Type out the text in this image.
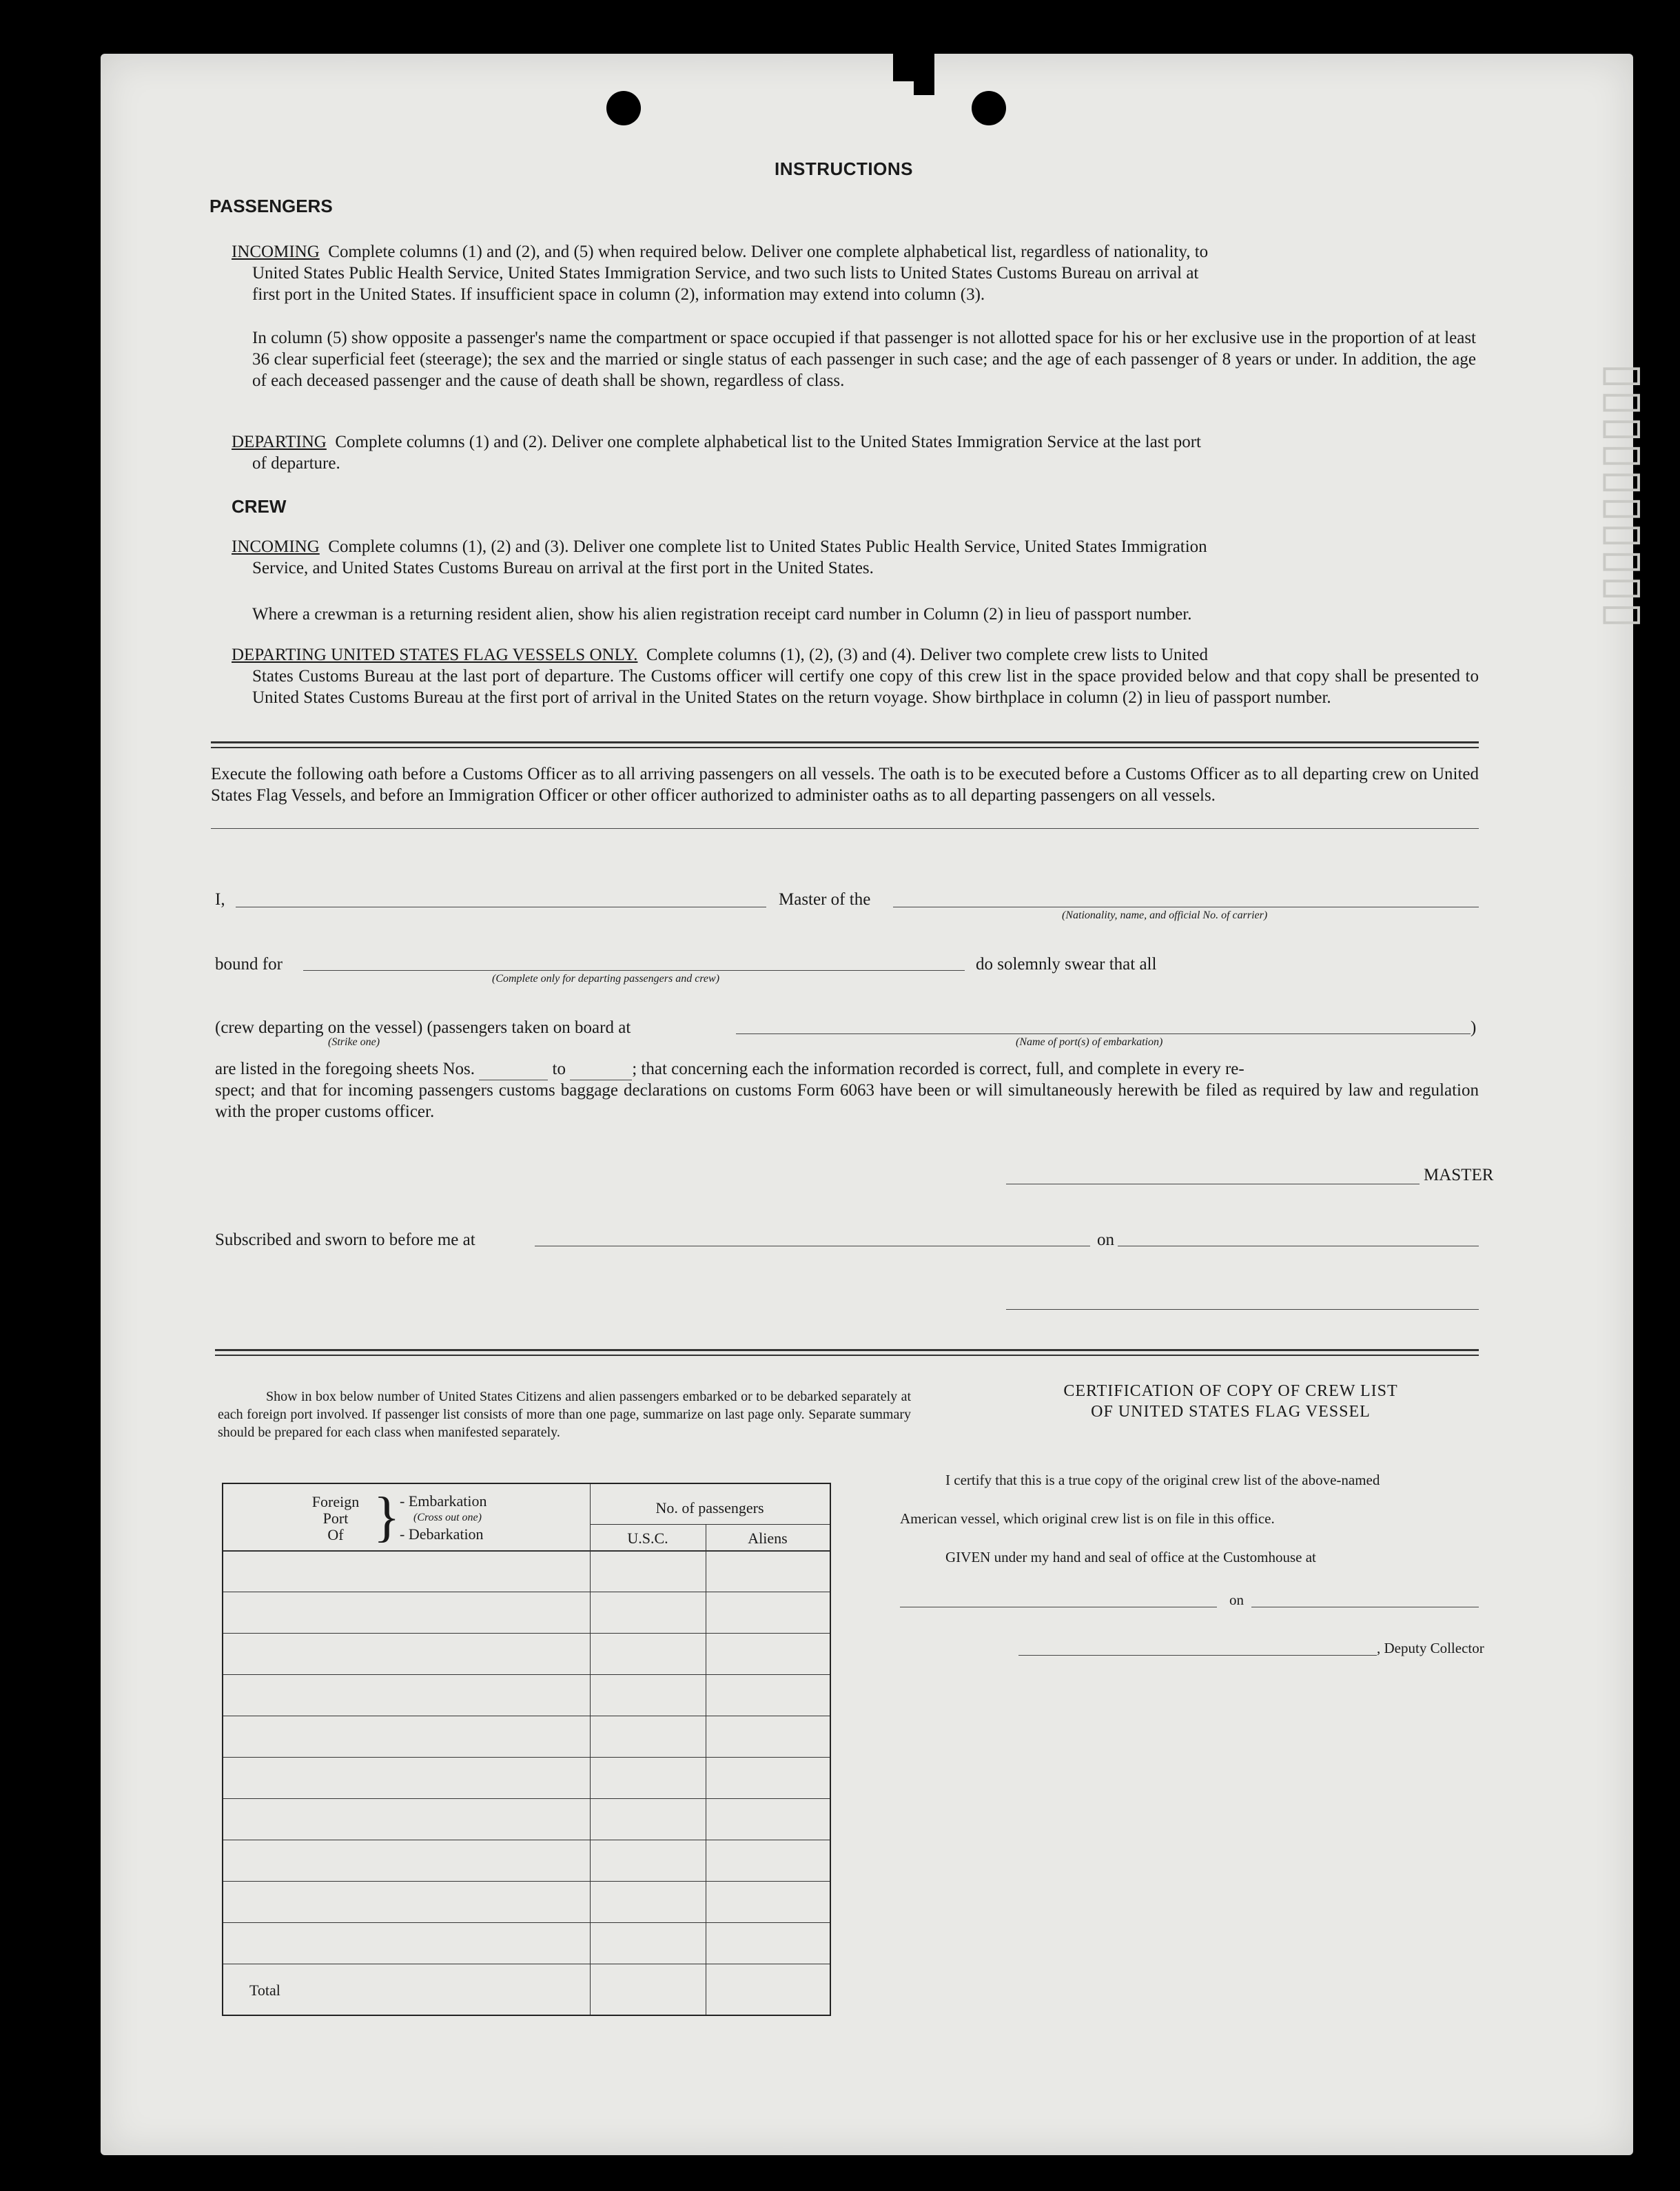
▯▯▯▯▯▯▯▯▯▯
INSTRUCTIONS
PASSENGERS
INCOMING Complete columns (1) and (2), and (5) when required below. Deliver one complete alphabetical list, regardless of nationality, to
United States Public Health Service, United States Immigration Service, and two such lists to United States Customs Bureau on arrival at
first port in the United States. If insufficient space in column (2), information may extend into column (3).
In column (5) show opposite a passenger's name the compartment or space occupied if that passenger is not allotted space for his or her exclusive use in the proportion of at least 36 clear superficial feet (steerage); the sex and the married or single status of each passenger in such case; and the age of each passenger of 8 years or under. In addition, the age of each deceased passenger and the cause of death shall be shown, regardless of class.
DEPARTING Complete columns (1) and (2). Deliver one complete alphabetical list to the United States Immigration Service at the last port
of departure.
CREW
INCOMING Complete columns (1), (2) and (3). Deliver one complete list to United States Public Health Service, United States Immigration
Service, and United States Customs Bureau on arrival at the first port in the United States.
Where a crewman is a returning resident alien, show his alien registration receipt card number in Column (2) in lieu of passport number.
DEPARTING UNITED STATES FLAG VESSELS ONLY. Complete columns (1), (2), (3) and (4). Deliver two complete crew lists to United
States Customs Bureau at the last port of departure. The Customs officer will certify one copy of this crew list in the space provided below and that copy shall be presented to United States Customs Bureau at the first port of arrival in the United States on the return voyage. Show birthplace in column (2) in lieu of passport number.
Execute the following oath before a Customs Officer as to all arriving passengers on all vessels. The oath is to be executed before a Customs Officer as to all departing crew on United States Flag Vessels, and before an Immigration Officer or other officer authorized to administer oaths as to all departing passengers on all vessels.
I,	Master of the
(Nationality, name, and official No. of carrier)
bound for
(Complete only for departing passengers and crew)
do solemnly swear that all
(crew departing on the vessel) (passengers taken on board at
(Strike one)
)
(Name of port(s) of embarkation)
are listed in the foregoing sheets Nos.	to	; that concerning each the information recorded is correct, full, and complete in every re-
spect; and that for incoming passengers customs baggage declarations on customs Form 6063 have been or will simultaneously herewith be filed as required by law and regulation with the proper customs officer.
MASTER
Subscribed and sworn to before me at	on
Show in box below number of United States Citizens and alien passengers embarked or to be debarked separately at each foreign port involved. If passenger list consists of more than one page, summarize on last page only. Separate summary should be prepared for each class when manifested separately.
Foreign
Port
Of } - Embarkation
(Cross out one)
- Debarkation
No. of passengers
U.S.C.	Aliens
Total
CERTIFICATION OF COPY OF CREW LIST
OF UNITED STATES FLAG VESSEL
I certify that this is a true copy of the original crew list of the above-named
American vessel, which original crew list is on file in this office.
GIVEN under my hand and seal of office at the Customhouse at
on
, Deputy Collector
